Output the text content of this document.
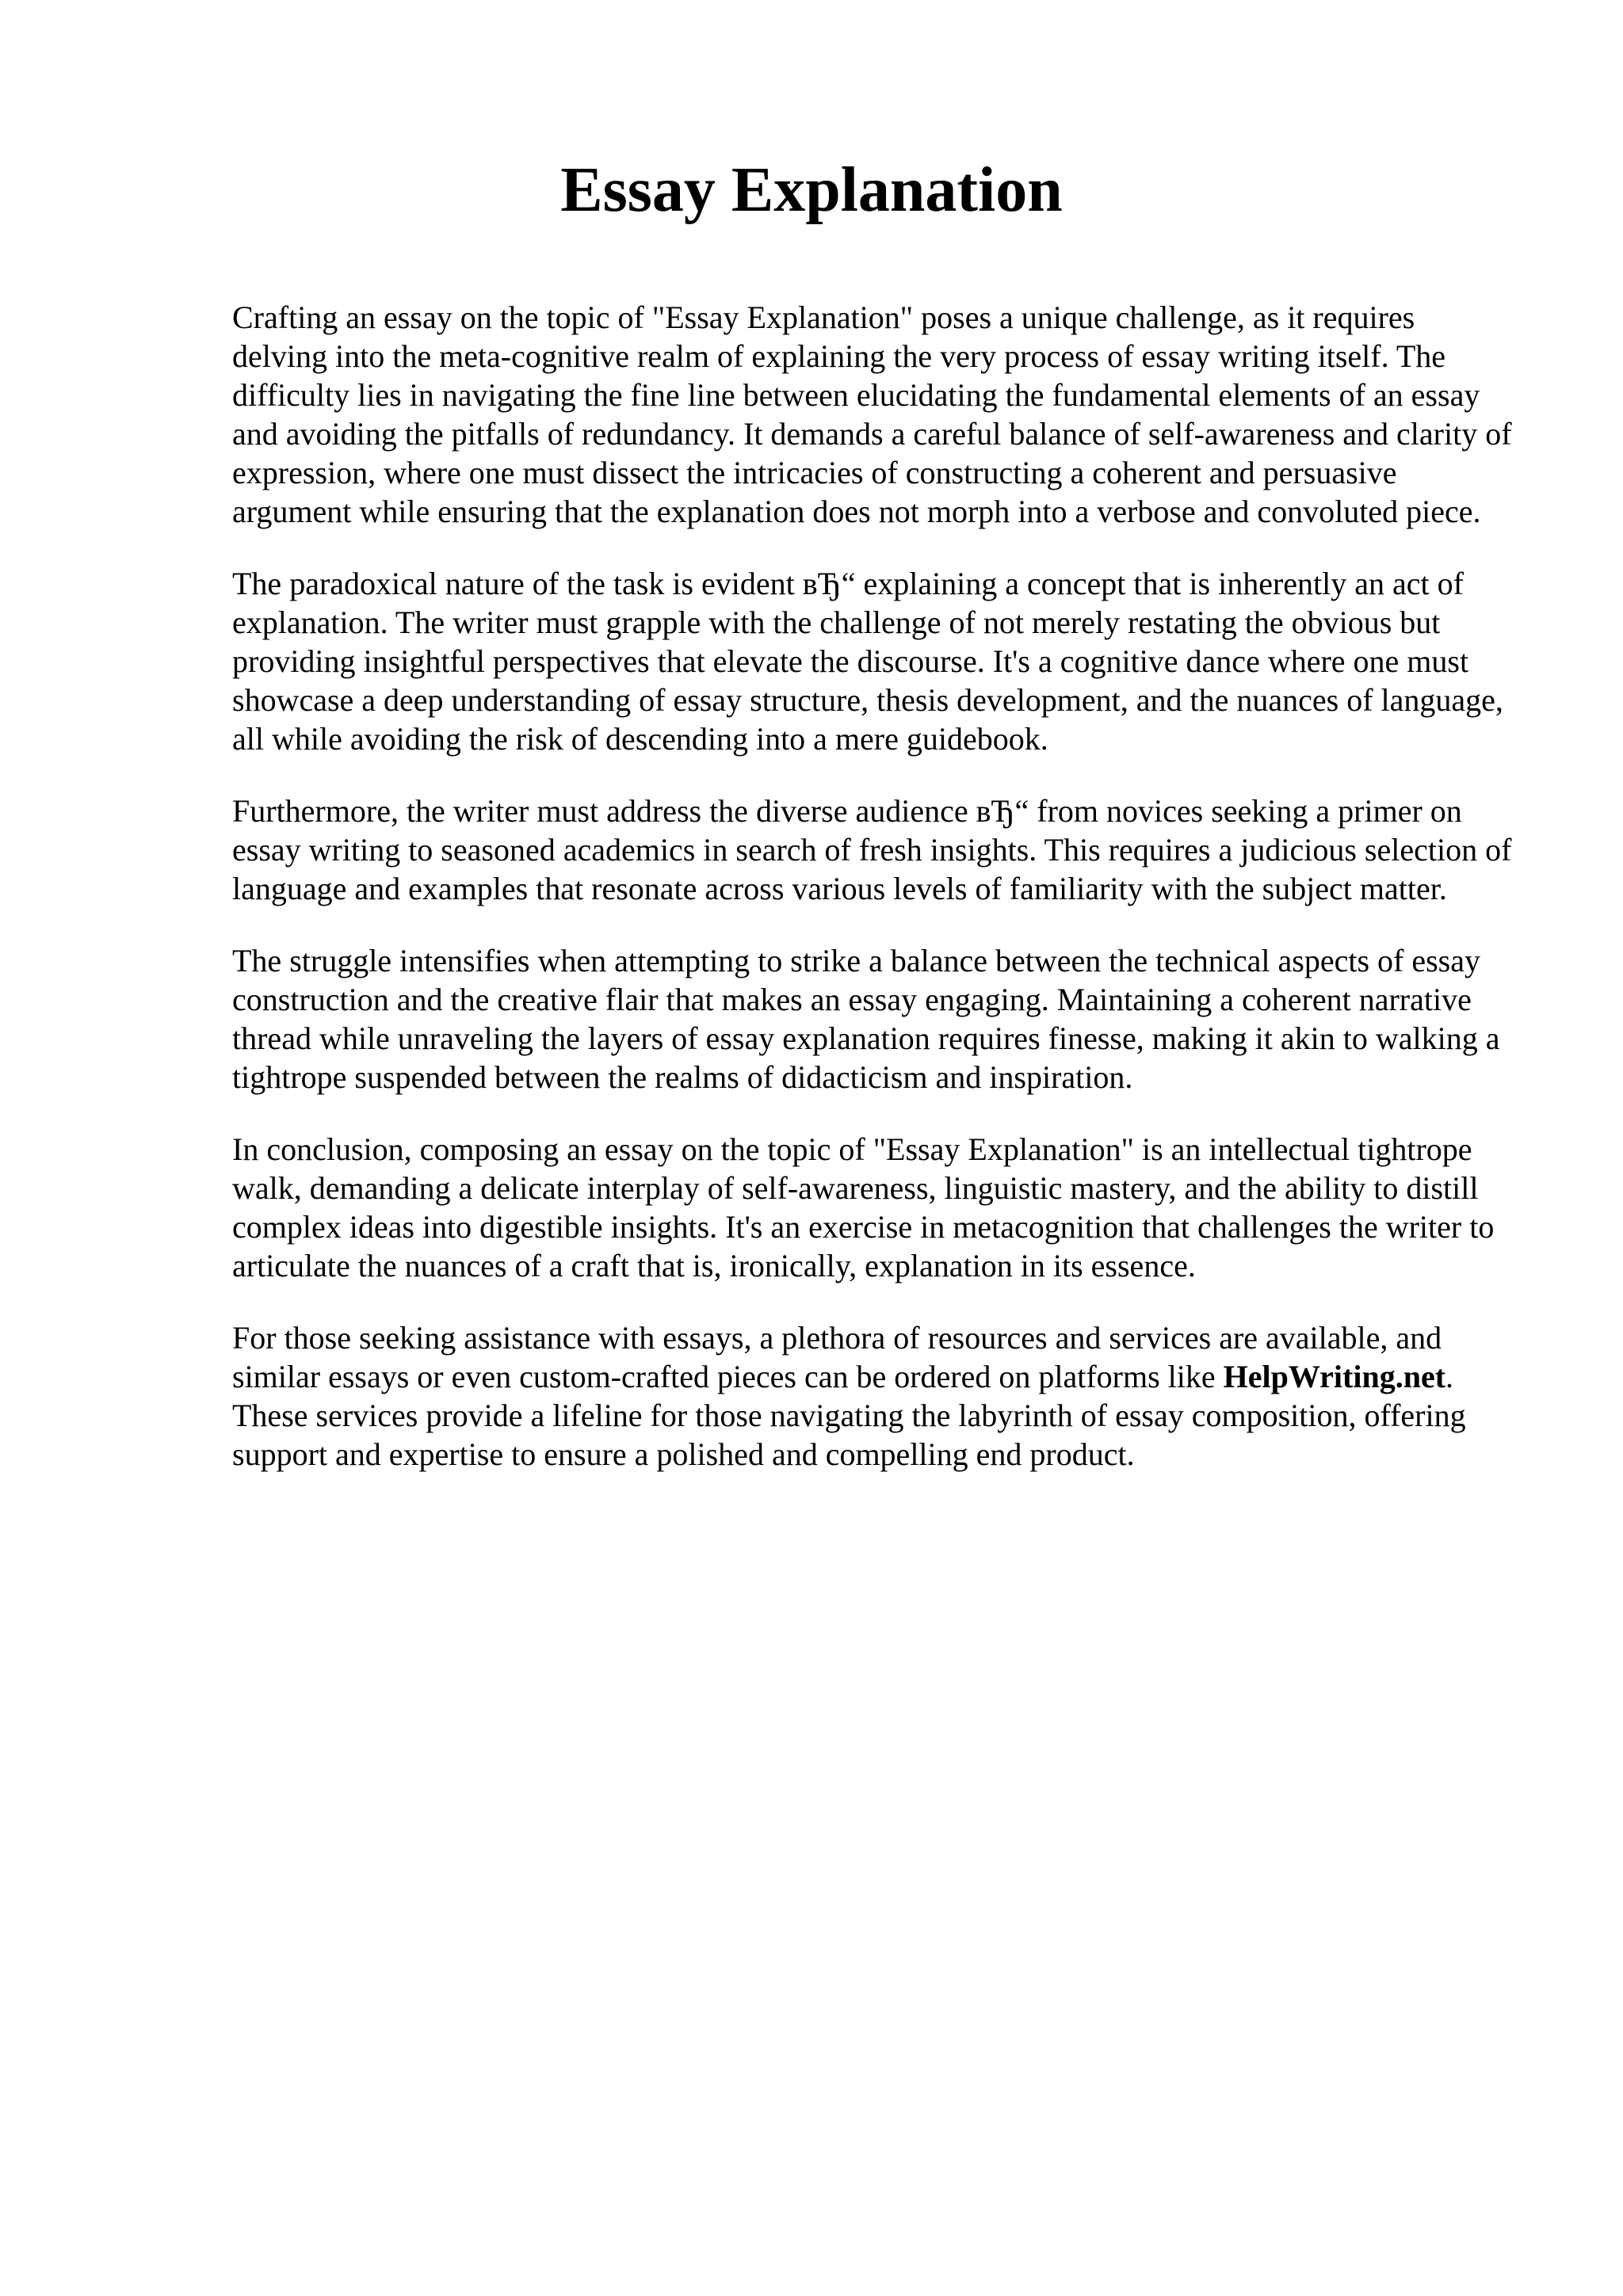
Essay Explanation

Crafting an essay on the topic of "Essay Explanation" poses a unique challenge, as it requires delving into the meta-cognitive realm of explaining the very process of essay writing itself. The difficulty lies in navigating the fine line between elucidating the fundamental elements of an essay and avoiding the pitfalls of redundancy. It demands a careful balance of self-awareness and clarity of expression, where one must dissect the intricacies of constructing a coherent and persuasive argument while ensuring that the explanation does not morph into a verbose and convoluted piece.

The paradoxical nature of the task is evident вЂ“ explaining a concept that is inherently an act of explanation. The writer must grapple with the challenge of not merely restating the obvious but providing insightful perspectives that elevate the discourse. It's a cognitive dance where one must showcase a deep understanding of essay structure, thesis development, and the nuances of language, all while avoiding the risk of descending into a mere guidebook.

Furthermore, the writer must address the diverse audience вЂ“ from novices seeking a primer on essay writing to seasoned academics in search of fresh insights. This requires a judicious selection of language and examples that resonate across various levels of familiarity with the subject matter.

The struggle intensifies when attempting to strike a balance between the technical aspects of essay construction and the creative flair that makes an essay engaging. Maintaining a coherent narrative thread while unraveling the layers of essay explanation requires finesse, making it akin to walking a tightrope suspended between the realms of didacticism and inspiration.

In conclusion, composing an essay on the topic of "Essay Explanation" is an intellectual tightrope walk, demanding a delicate interplay of self-awareness, linguistic mastery, and the ability to distill complex ideas into digestible insights. It's an exercise in metacognition that challenges the writer to articulate the nuances of a craft that is, ironically, explanation in its essence.

For those seeking assistance with essays, a plethora of resources and services are available, and similar essays or even custom-crafted pieces can be ordered on platforms like HelpWriting.net. These services provide a lifeline for those navigating the labyrinth of essay composition, offering support and expertise to ensure a polished and compelling end product.
